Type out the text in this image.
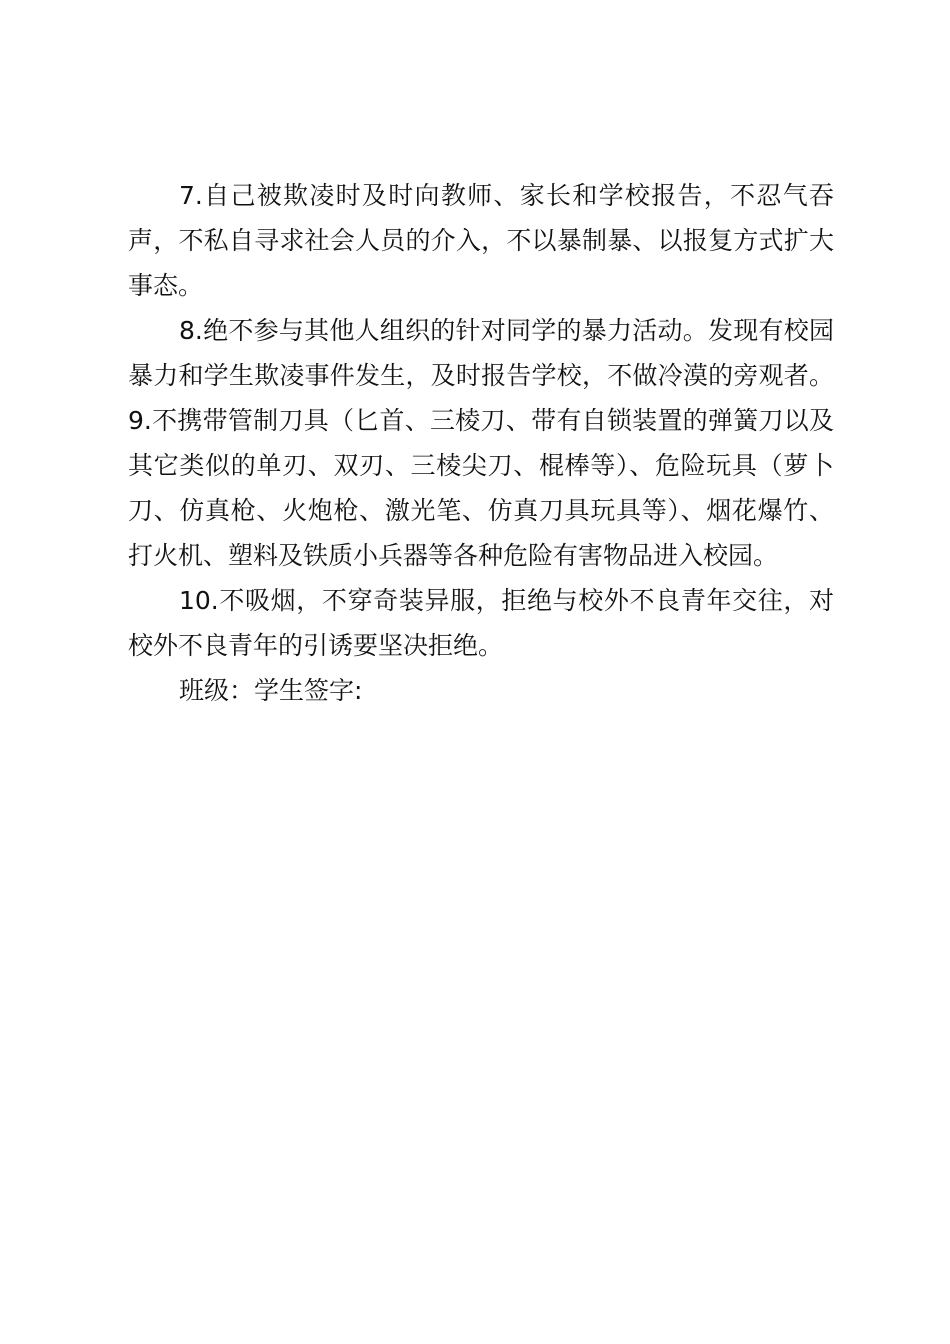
7.自己被欺凌时及时向教师、家长和学校报告，不忍气吞声，不私自寻求社会人员的介入，不以暴制暴、以报复方式扩大事态。

8.绝不参与其他人组织的针对同学的暴力活动。发现有校园暴力和学生欺凌事件发生，及时报告学校，不做冷漠的旁观者。9.不携带管制刀具（匕首、三棱刀、带有自锁装置的弹簧刀以及其它类似的单刃、双刃、三棱尖刀、棍棒等）、危险玩具（萝卜刀、仿真枪、火炮枪、激光笔、仿真刀具玩具等）、烟花爆竹、打火机、塑料及铁质小兵器等各种危险有害物品进入校园。

10.不吸烟，不穿奇装异服，拒绝与校外不良青年交往，对校外不良青年的引诱要坚决拒绝。

班级：学生签字:
